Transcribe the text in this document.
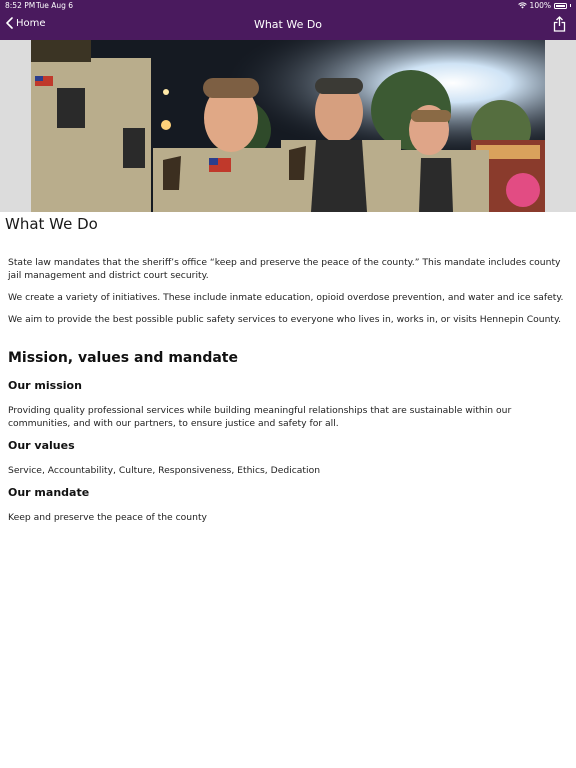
8:52 PM Tue Aug 6	100%
Home	What We Do
What We Do

State law mandates that the sheriff’s office “keep and preserve the peace of the county.” This mandate includes county jail management and district court security.

We create a variety of initiatives. These include inmate education, opioid overdose prevention, and water and ice safety.

We aim to provide the best possible public safety services to everyone who lives in, works in, or visits Hennepin County.

Mission, values and mandate
Our mission

Providing quality professional services while building meaningful relationships that are sustainable within our communities, and with our partners, to ensure justice and safety for all.

Our values

Service, Accountability, Culture, Responsiveness, Ethics, Dedication

Our mandate

Keep and preserve the peace of the county
